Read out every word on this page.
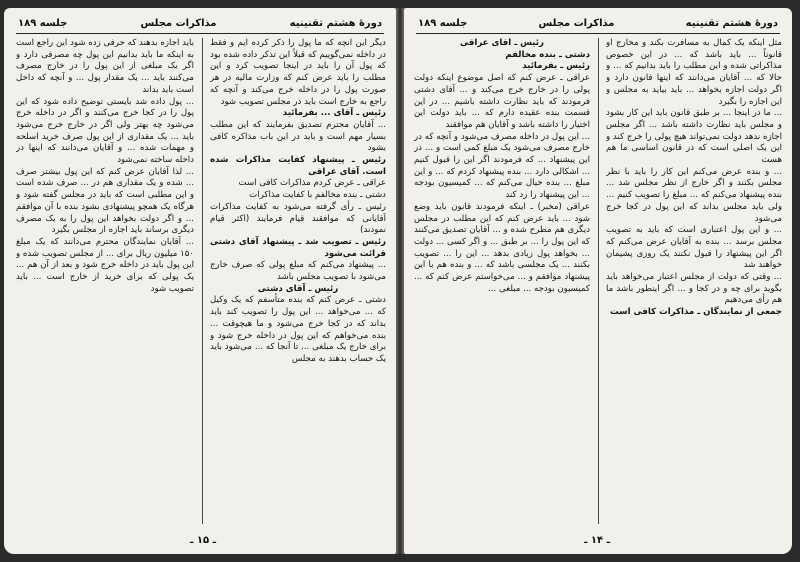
دورهٔ هشتم تقنینیه
مذاکرات مجلس
جلسه ۱۸۹

دیگر این آنچه که ما پول را ذکر کرده ایم و فقط در داخله نمی‌گوییم که قبلاً این تذکر داده شده بود که پول آن را باید در اینجا تصویب کرد و این مطلب را باید عرض کنم که وزارت مالیه در هر صورت پول را در داخله خرج می‌کند و آنچه که راجع به خارج است باید در مجلس تصویب شود

رئیس ـ آقای ... بفرمائید

... آقایان محترم تصدیق بفرمایند که این مطلب بسیار مهم است و باید در این باب مذاکره کافی بشود

رئیس ـ پیشنهاد کفایت مذاکرات شده است. آقای عراقی

عراقی ـ عرض کردم مذاکرات کافی است

دشتی ـ بنده مخالفم با کفایت مذاکرات

رئیس ـ رأی گرفته می‌شود به کفایت مذاکرات آقایانی که موافقند قیام فرمایند (اکثر قیام نمودند)

رئیس ـ تصویب شد ـ پیشنهاد آقای دشتی قرائت می‌شود

... پیشنهاد می‌کنم که مبلغ پولی که صرف خارج می‌شود با تصویب مجلس باشد

رئیس ـ آقای دشتی

دشتی ـ عرض کنم که بنده متأسفم که یک وکیل که ... می‌خواهد ... این پول را تصویب کند باید بداند که در کجا خرج می‌شود و ما هیچوقت ... بنده می‌خواهم که این پول در داخله خرج شود و برای خارج یک مبلغی ... تا آنجا که ... می‌شود باید یک حساب بدهند به مجلس

باید اجازه بدهند که حرفی زده شود این راجع است به اینکه ما باید بدانیم این پول چه مصرفی دارد و اگر یک مبلغی از این پول را در خارج مصرف می‌کنند باید ... یک مقدار پول ... و آنچه که داخل است باید بداند

... پول داده شد بایستی توضیح داده شود که این پول را در کجا خرج می‌کنند و اگر در داخله خرج می‌شود چه بهتر ولی اگر در خارج خرج می‌شود باید ... یک مقداری از این پول صرف خرید اسلحه و مهمات شده ... و آقایان می‌دانند که اینها در داخله ساخته نمی‌شود

... لذا آقایان عرض کنم که این پول بیشتر صرف ... شده و یک مقداری هم در ... صرف شده است و این مطلبی است که باید در مجلس گفته شود و هرگاه یک همچو پیشنهادی بشود بنده با آن موافقم ... و اگر دولت بخواهد این پول را به یک مصرف دیگری برساند باید اجازه از مجلس بگیرد

... آقایان نمایندگان محترم می‌دانند که یک مبلغ ۱۵۰ میلیون ریال برای ... از مجلس تصویب شده و این پول باید در داخله خرج شود و بعد از آن هم ... یک پولی که برای خرید از خارج است ... باید تصویب شود

ـ ۱۵ ـ
دورهٔ هشتم تقنینیه
مذاکرات مجلس
جلسه ۱۸۹

مثل اینکه یک کمال به مسافرت بکند و مخارج او قانوناً ... باید باشد که ... در این خصوص مذاکراتی شده و این مطلب را باید بدانیم که ... و حالا که ... آقایان می‌دانند که اینها قانون دارد و اگر دولت اجازه بخواهد ... باید بیاید به مجلس و این اجازه را بگیرد

... ما در اینجا ... بر طبق قانون باید این کار بشود و مجلس باید نظارت داشته باشد ... اگر مجلس اجازه ندهد دولت نمی‌تواند هیچ پولی را خرج کند و این یک اصلی است که در قانون اساسی ما هم هست

... و بنده عرض می‌کنم این کار را باید با نظر مجلس بکنند و اگر خارج از نظر مجلس شد ... بنده پیشنهاد می‌کنم که ... مبلغ را تصویب کنیم ... ولی باید مجلس بداند که این پول در کجا خرج می‌شود

... و این پول اعتباری است که باید به تصویب مجلس برسد ... بنده به آقایان عرض می‌کنم که اگر این پیشنهاد را قبول نکنند یک روزی پشیمان خواهند شد

... وقتی که دولت از مجلس اعتبار می‌خواهد باید بگوید برای چه و در کجا و ... اگر اینطور باشد ما هم رأی می‌دهیم

جمعی از نمایندگان ـ مذاکرات کافی است

رئیس ـ آقای عراقی

دشتی ـ بنده مخالفم

رئیس ـ بفرمائید

عراقی ـ عرض کنم که اصل موضوع اینکه دولت پولی را در خارج خرج می‌کند و ... آقای دشتی فرمودند که باید نظارت داشته باشیم ... در این قسمت بنده عقیده دارم که ... باید دولت این اختیار را داشته باشد و آقایان هم موافقند

... این پول در داخله مصرف می‌شود و آنچه که در خارج مصرف می‌شود یک مبلغ کمی است و ... در این پیشنهاد ... که فرمودند اگر این را قبول کنیم ... اشکالی دارد ... بنده پیشنهاد کردم که ... و این مبلغ ... بنده خیال می‌کنم که ... کمیسیون بودجه ... این پیشنهاد را رد کند

عراقی (مخبر) ـ اینکه فرمودند قانون باید وضع شود ... باید عرض کنم که این مطلب در مجلس دیگری هم مطرح شده و ... آقایان تصدیق می‌کنند که این پول را ... بر طبق ... و اگر کسی ... دولت ... بخواهد پول زیادی بدهد ... این را ... تصویب بکنند ... یک مجلسی باشد که ... و بنده هم با این پیشنهاد موافقم و ... می‌خواستم عرض کنم که ... کمیسیون بودجه ... مبلغی ...

ـ ۱۴ ـ
